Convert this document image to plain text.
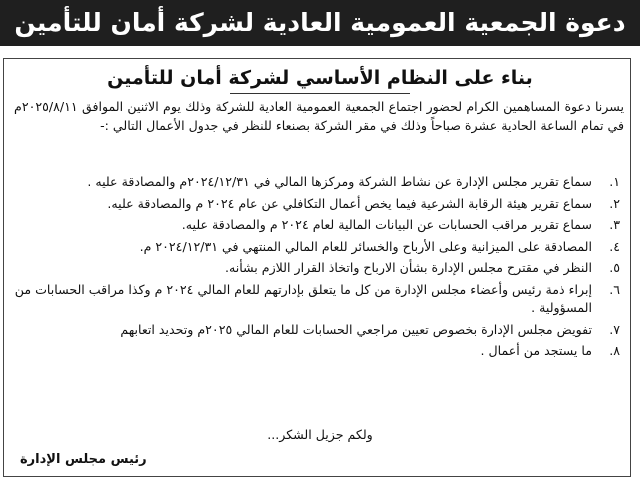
دعوة الجمعية العمومية العادية لشركة أمان للتأمين
بناء على النظام الأساسي لشركة أمان للتأمين
يسرنا دعوة المساهمين الكرام لحضور اجتماع الجمعية العمومية العادية للشركة وذلك يوم الاثنين الموافق ٢٠٢٥/٨/١١م في تمام الساعة الحادية عشرة صباحاً وذلك في مقر الشركة بصنعاء للنظر في جدول الأعمال التالي :-
١.
سماع تقرير مجلس الإدارة عن نشاط الشركة ومركزها المالي في ٢٠٢٤/١٢/٣١م والمصادقة عليه .
٢.
سماع تقرير هيئة الرقابة الشرعية فيما يخص أعمال التكافلي عن عام ٢٠٢٤ م والمصادقة عليه.
٣.
سماع تقرير مراقب الحسابات عن البيانات المالية لعام ٢٠٢٤ م والمصادقة عليه.
٤.
المصادقة على الميزانية وعلى الأرباح والخسائر للعام المالي المنتهي في ٢٠٢٤/١٢/٣١ م.
٥.
النظر في مقترح مجلس الإدارة بشأن الارباح واتخاذ القرار اللازم بشأنه.
٦.
إبراء ذمة رئيس وأعضاء مجلس الإدارة من كل ما يتعلق بإدارتهم للعام المالي ٢٠٢٤ م وكذا مراقب الحسابات من المسؤولية .
٧.
تفويض مجلس الإدارة بخصوص تعيين مراجعي الحسابات للعام المالي ٢٠٢٥م وتحديد اتعابهم
٨.
ما يستجد من أعمال .
ولكم جزيل الشكر...
رئيس مجلس الإدارة
